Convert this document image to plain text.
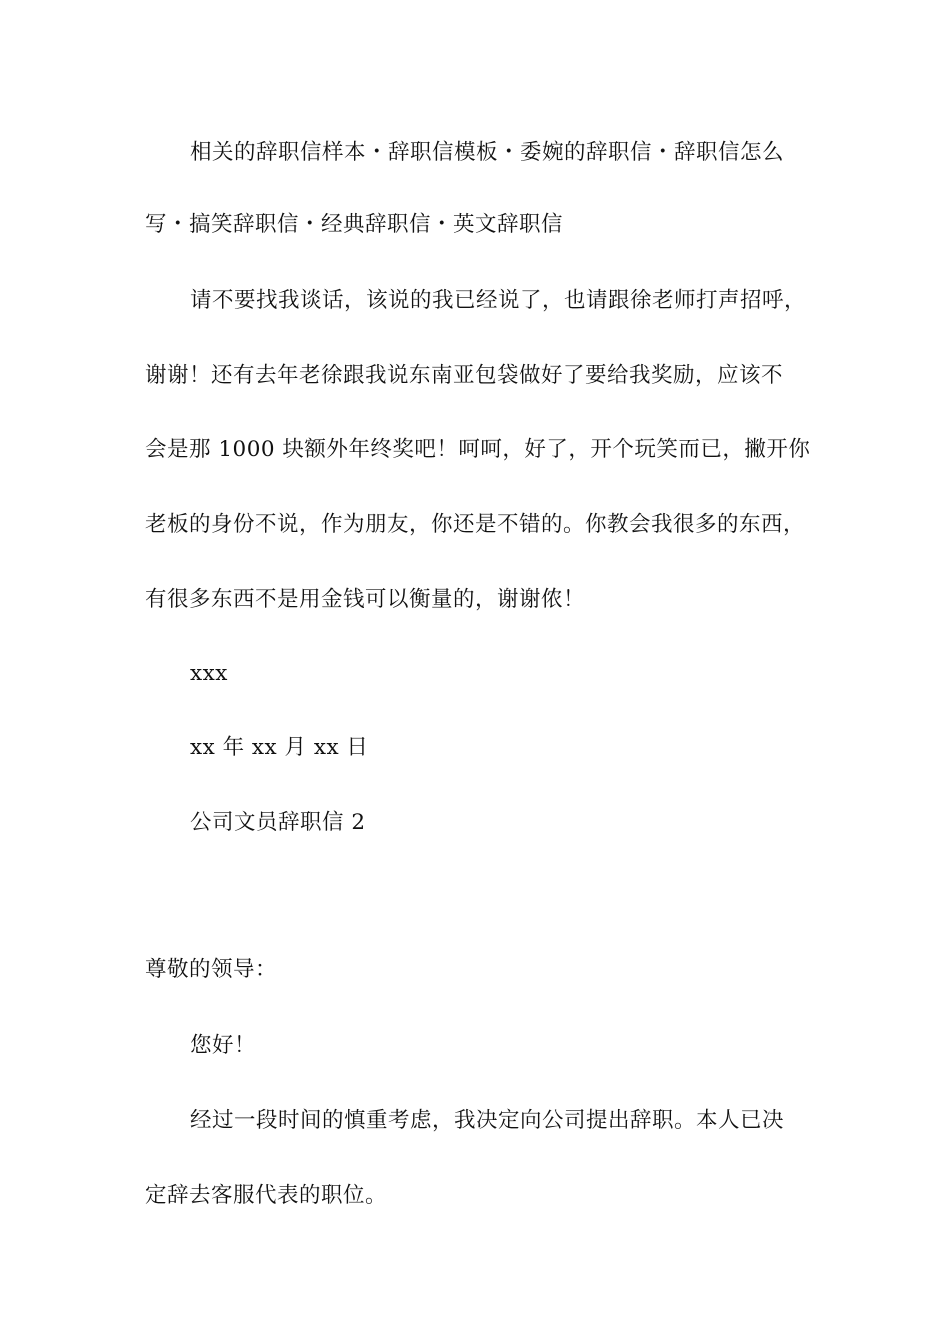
相关的辞职信样本・辞职信模板・委婉的辞职信・辞职信怎么
写・搞笑辞职信・经典辞职信・英文辞职信
请不要找我谈话，该说的我已经说了，也请跟徐老师打声招呼，
谢谢！还有去年老徐跟我说东南亚包袋做好了要给我奖励，应该不
会是那 1000 块额外年终奖吧！呵呵，好了，开个玩笑而已，撇开你
老板的身份不说，作为朋友，你还是不错的。你教会我很多的东西，
有很多东西不是用金钱可以衡量的，谢谢侬！
xxx
xx 年 xx 月 xx 日
公司文员辞职信 2
尊敬的领导：
您好！
经过一段时间的慎重考虑，我决定向公司提出辞职。本人已决
定辞去客服代表的职位。
